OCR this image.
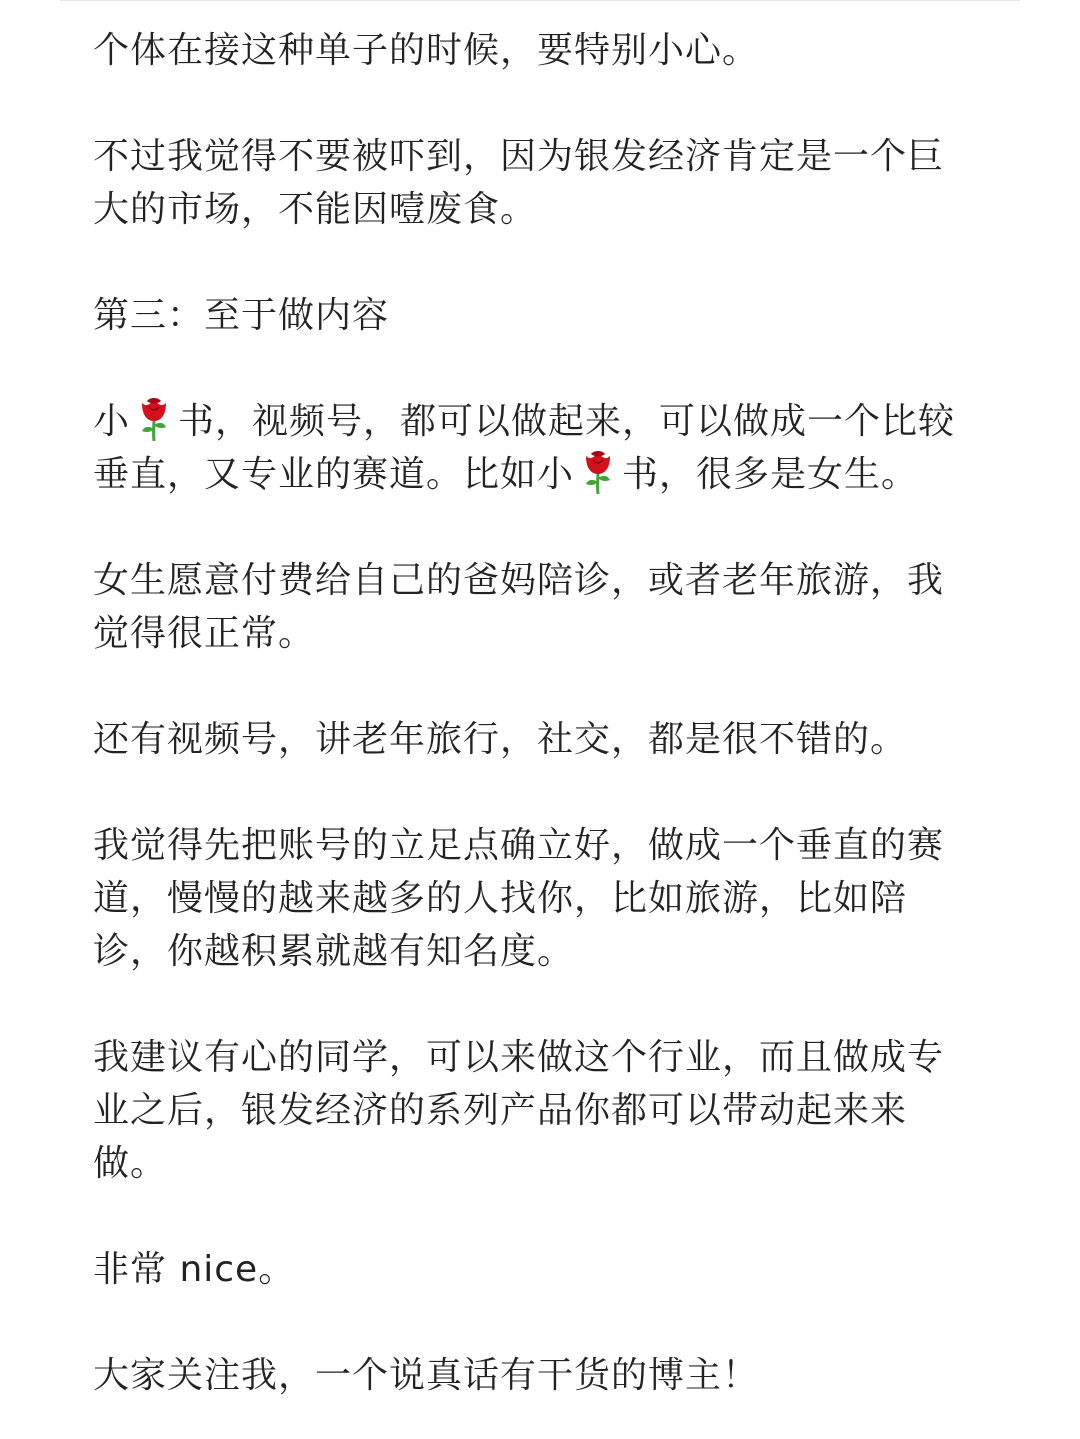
个体在接这种单子的时候，要特别小心。

不过我觉得不要被吓到，因为银发经济肯定是一个巨
大的市场，不能因噎废食。

第三：至于做内容

小 书，视频号，都可以做起来，可以做成一个比较
垂直，又专业的赛道。比如小 书，很多是女生。

女生愿意付费给自己的爸妈陪诊，或者老年旅游，我
觉得很正常。

还有视频号，讲老年旅行，社交，都是很不错的。

我觉得先把账号的立足点确立好，做成一个垂直的赛
道，慢慢的越来越多的人找你，比如旅游，比如陪
诊，你越积累就越有知名度。

我建议有心的同学，可以来做这个行业，而且做成专
业之后，银发经济的系列产品你都可以带动起来来
做。

非常 nice。

大家关注我，一个说真话有干货的博主！
